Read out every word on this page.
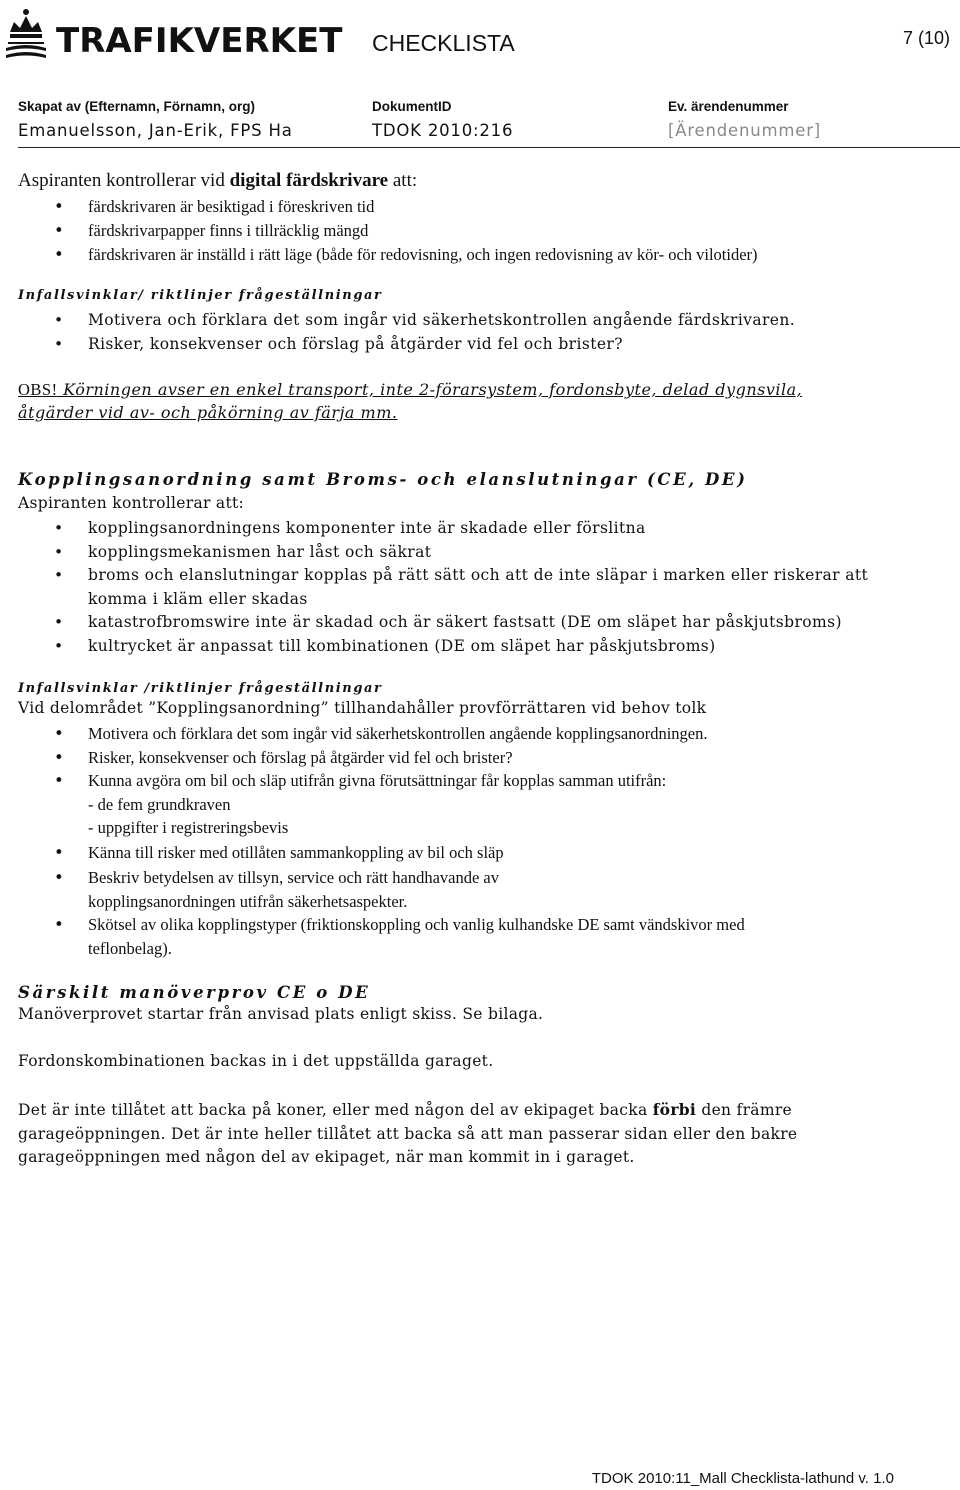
TRAFIKVERKET CHECKLISTA	7 (10)
Skapat av (Efternamn, Förnamn, org)	DokumentID	Ev. ärendenummer
Emanuelsson, Jan-Erik, FPS Ha	TDOK 2010:216	[Ärendenummer]
Aspiranten kontrollerar vid digital färdskrivare att:
• färdskrivaren är besiktigad i föreskriven tid
• färdskrivarpapper finns i tillräcklig mängd
• färdskrivaren är inställd i rätt läge (både för redovisning, och ingen redovisning av kör- och vilotider)
Infallsvinklar/ riktlinjer frågeställningar
• Motivera och förklara det som ingår vid säkerhetskontrollen angående färdskrivaren.
• Risker, konsekvenser och förslag på åtgärder vid fel och brister?
OBS! Körningen avser en enkel transport, inte 2-förarsystem, fordonsbyte, delad dygnsvila,
åtgärder vid av- och påkörning av färja mm.
Kopplingsanordning samt Broms- och elanslutningar (CE, DE)
Aspiranten kontrollerar att:
• kopplingsanordningens komponenter inte är skadade eller förslitna
• kopplingsmekanismen har låst och säkrat
• broms och elanslutningar kopplas på rätt sätt och att de inte släpar i marken eller riskerar att
komma i kläm eller skadas
• katastrofbromswire inte är skadad och är säkert fastsatt (DE om släpet har påskjutsbroms)
• kultrycket är anpassat till kombinationen (DE om släpet har påskjutsbroms)
Infallsvinklar /riktlinjer frågeställningar
Vid delområdet ”Kopplingsanordning” tillhandahåller provförrättaren vid behov tolk
• Motivera och förklara det som ingår vid säkerhetskontrollen angående kopplingsanordningen.
• Risker, konsekvenser och förslag på åtgärder vid fel och brister?
• Kunna avgöra om bil och släp utifrån givna förutsättningar får kopplas samman utifrån:
- de fem grundkraven
- uppgifter i registreringsbevis
• Känna till risker med otillåten sammankoppling av bil och släp
• Beskriv betydelsen av tillsyn, service och rätt handhavande av
kopplingsanordningen utifrån säkerhetsaspekter.
• Skötsel av olika kopplingstyper (friktionskoppling och vanlig kulhandske DE samt vändskivor med
teflonbelag).
Särskilt manöverprov CE o DE
Manöverprovet startar från anvisad plats enligt skiss. Se bilaga.
Fordonskombinationen backas in i det uppställda garaget.
Det är inte tillåtet att backa på koner, eller med någon del av ekipaget backa förbi den främre
garageöppningen. Det är inte heller tillåtet att backa så att man passerar sidan eller den bakre
garageöppningen med någon del av ekipaget, när man kommit in i garaget.
TDOK 2010:11_Mall Checklista-lathund v. 1.0
